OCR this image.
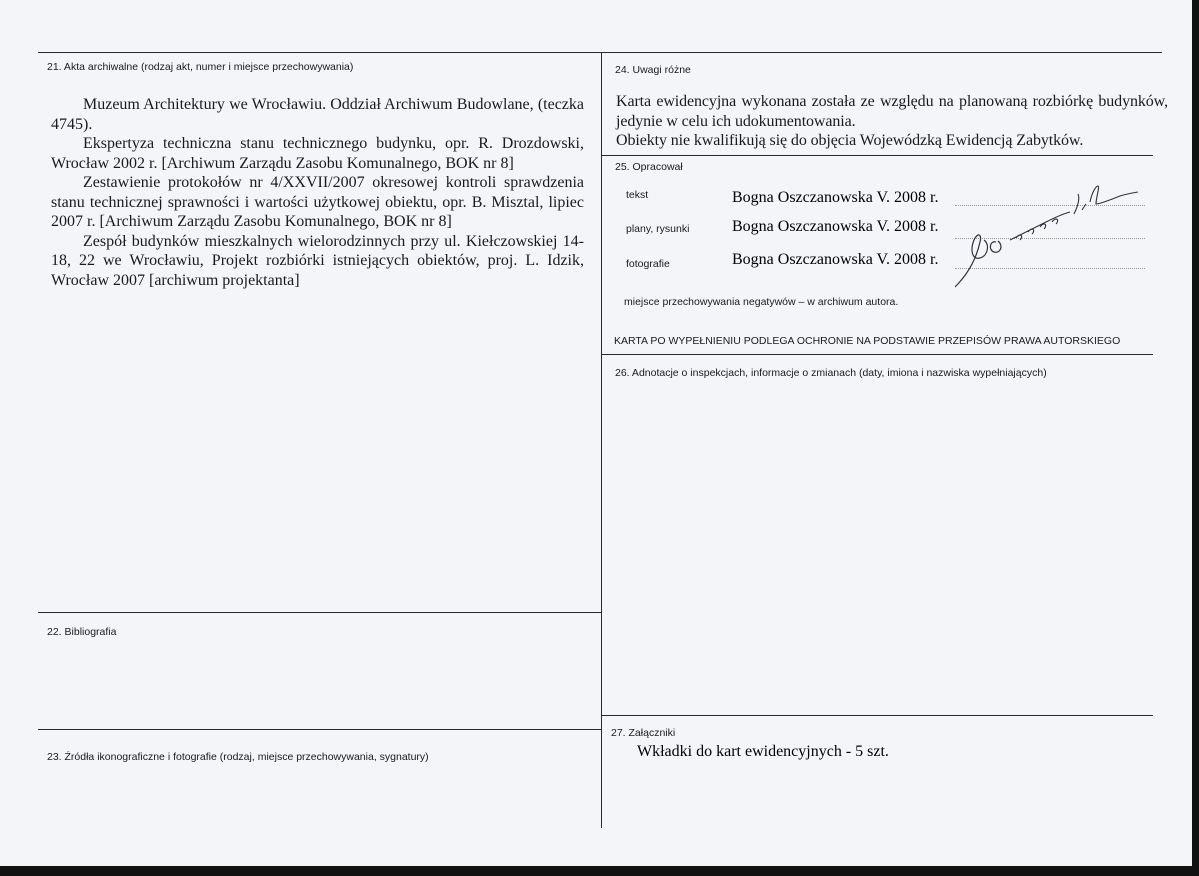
21. Akta archiwalne (rodzaj akt, numer i miejsce przechowywania)

Muzeum Architektury we Wrocławiu. Oddział Archiwum Budowlane, (teczka 4745).

Ekspertyza techniczna stanu technicznego budynku, opr. R. Drozdowski, Wrocław 2002 r. [Archiwum Zarządu Zasobu Komunalnego, BOK nr 8]

Zestawienie protokołów nr 4/XXVII/2007 okresowej kontroli sprawdzenia stanu technicznej sprawności i wartości użytkowej obiektu, opr. B. Misztal, lipiec 2007 r. [Archiwum Zarządu Zasobu Komunalnego, BOK nr 8]

Zespół budynków mieszkalnych wielorodzinnych przy ul. Kiełczowskiej 14-18, 22 we Wrocławiu, Projekt rozbiórki istniejących obiektów, proj. L. Idzik, Wrocław 2007 [archiwum projektanta]

22. Bibliografia

23. Źródła ikonograficzne i fotografie (rodzaj, miejsce przechowywania, sygnatury)

24. Uwagi różne

Karta ewidencyjna wykonana została ze względu na planowaną rozbiórkę budynków, jedynie w celu ich udokumentowania.
Obiekty nie kwalifikują się do objęcia Wojewódzką Ewidencją Zabytków.

25. Opracował

tekst	Bogna Oszczanowska V. 2008 r.

plany, rysunki	Bogna Oszczanowska V. 2008 r.

fotografie	Bogna Oszczanowska V. 2008 r.

miejsce przechowywania negatywów – w archiwum autora.

KARTA PO WYPEŁNIENIU PODLEGA OCHRONIE NA PODSTAWIE PRZEPISÓW PRAWA AUTORSKIEGO

26. Adnotacje o inspekcjach, informacje o zmianach (daty, imiona i nazwiska wypełniających)

27. Załączniki

Wkładki do kart ewidencyjnych - 5 szt.
